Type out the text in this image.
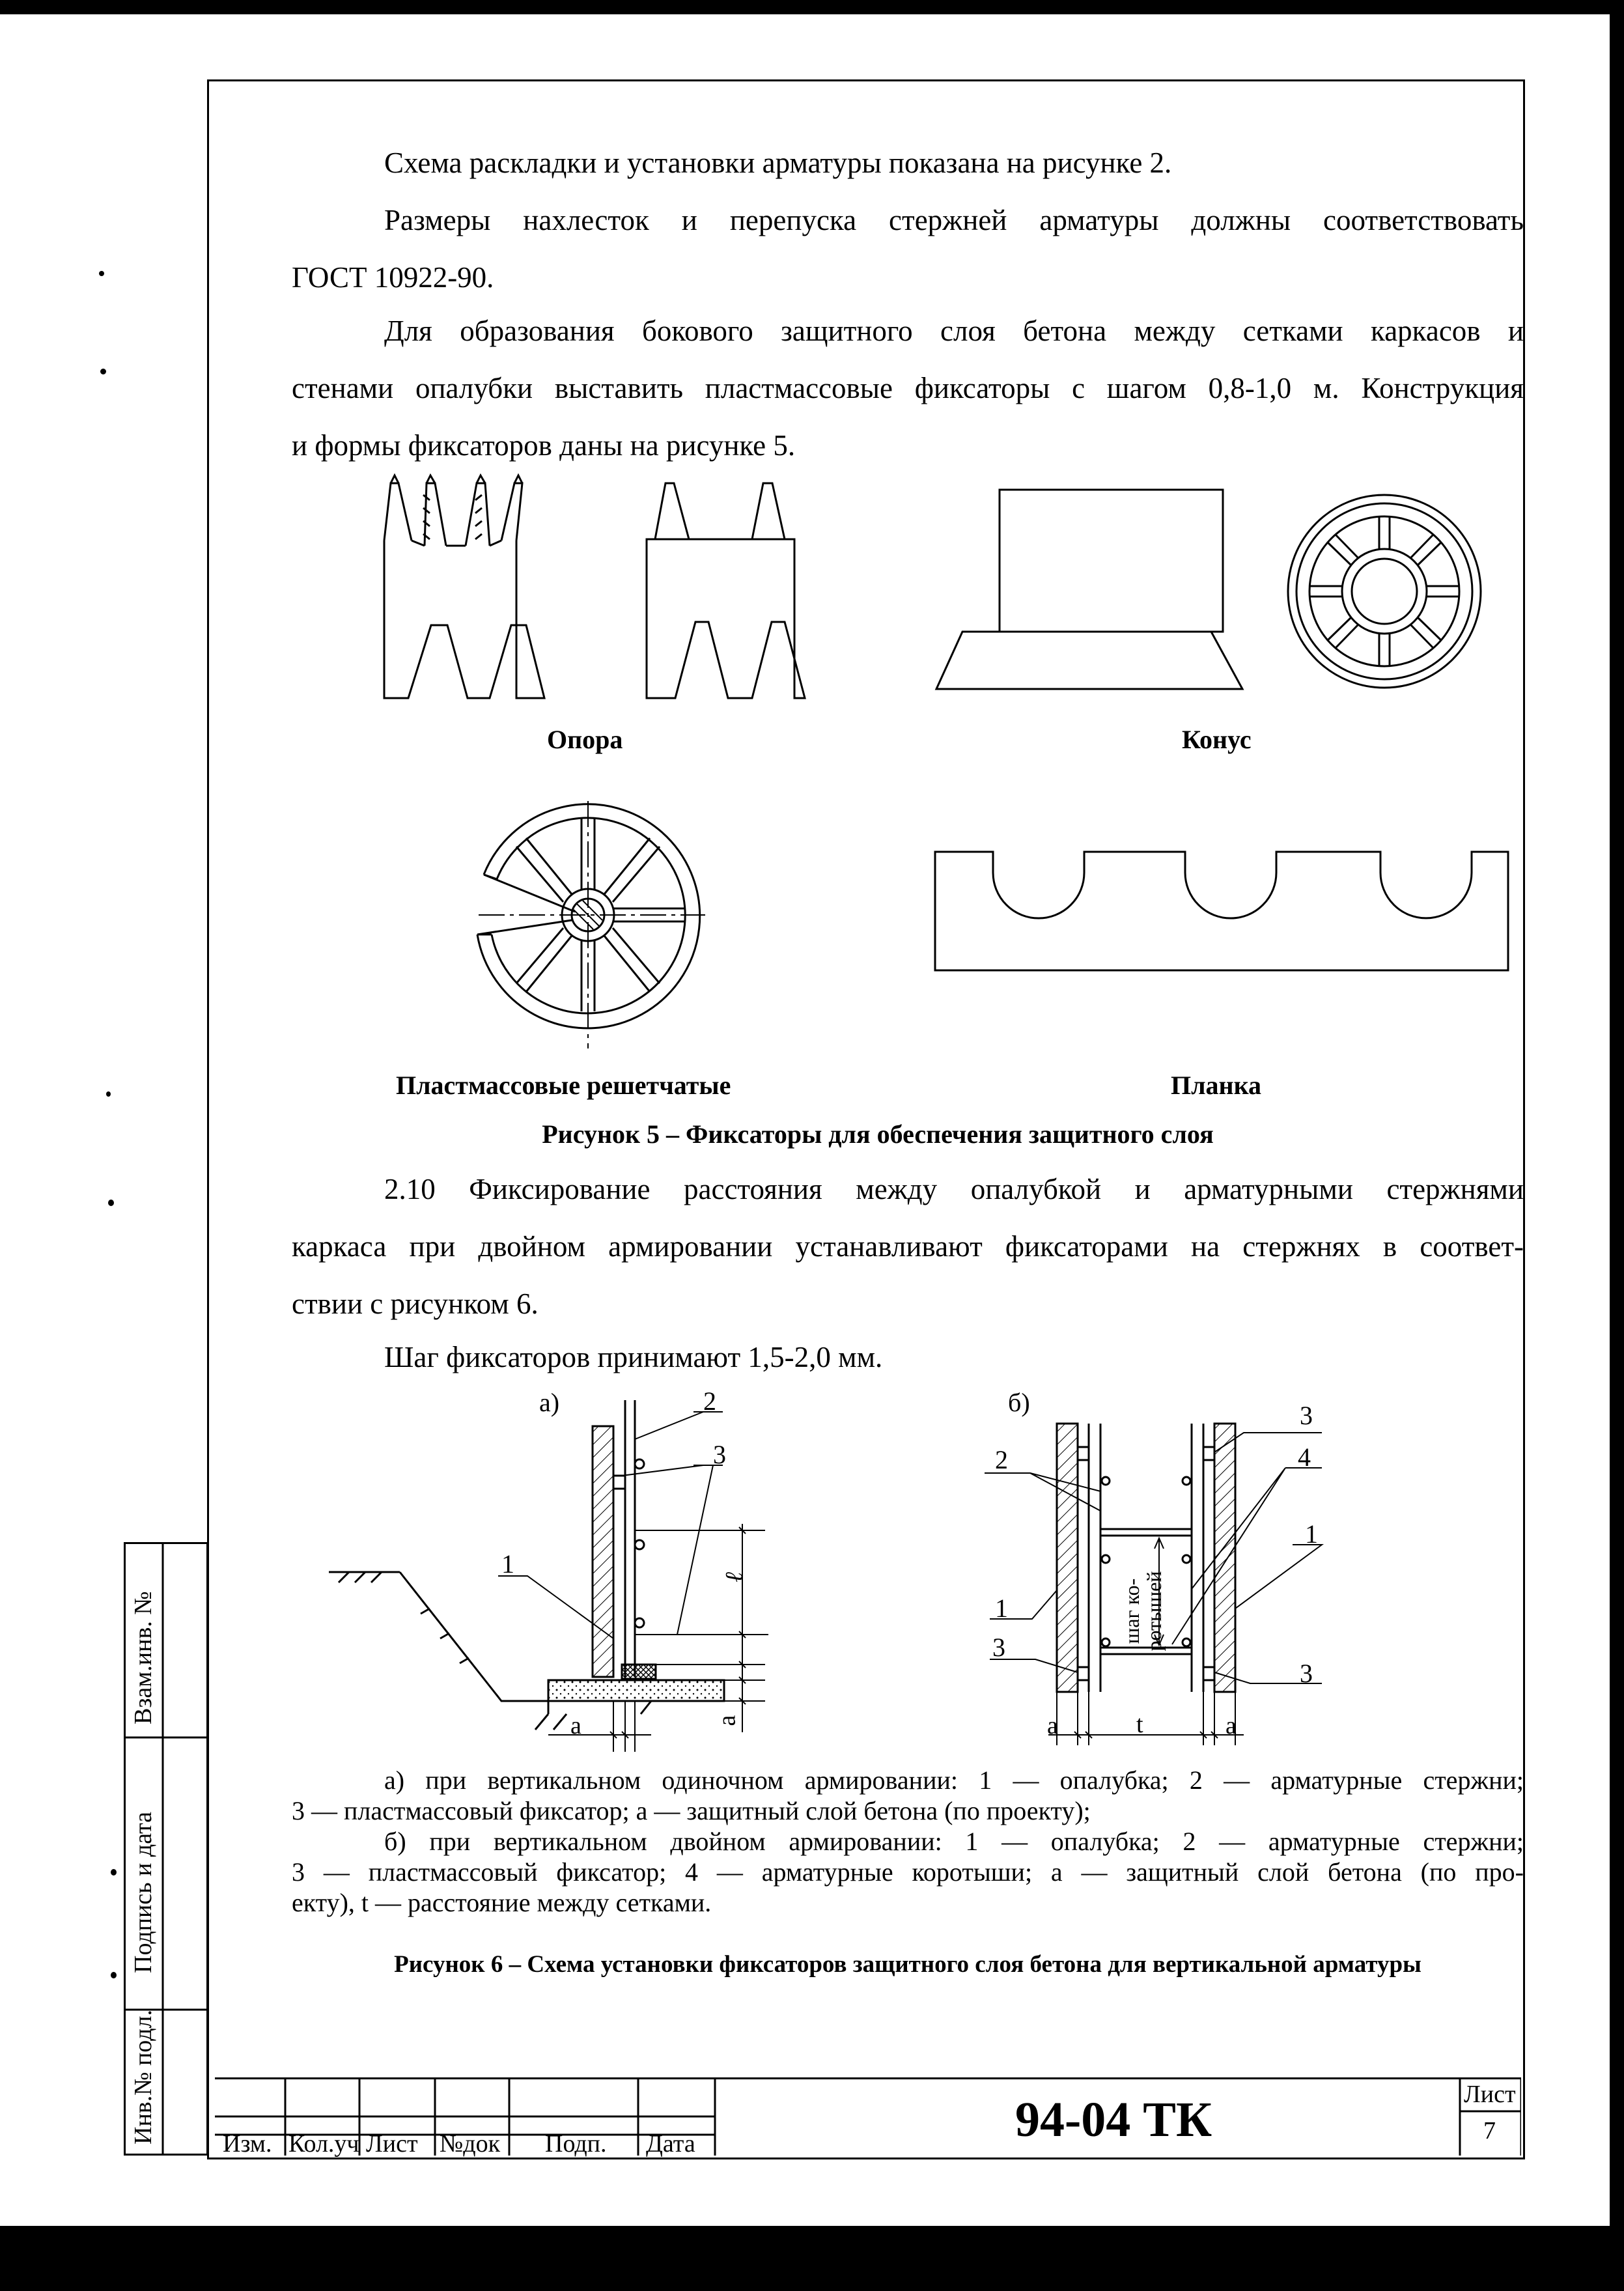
Схема раскладки и установки арматуры показана на рисунке 2.
Размеры нахлесток и перепуска стержней арматуры должны соответствовать
ГОСТ 10922-90.
Для образования бокового защитного слоя бетона между сетками каркасов и
стенами опалубки выставить пластмассовые фиксаторы с шагом 0,8-1,0 м. Конструкция
и формы фиксаторов даны на рисунке 5.
Опора	Конус
Пластмассовые решетчатые	Планка
Рисунок 5 – Фиксаторы для обеспечения защитного слоя
2.10 Фиксирование расстояния между опалубкой и арматурными стержнями
каркаса при двойном армировании устанавливают фиксаторами на стержнях в соответ-
ствии с рисунком 6.
Шаг фиксаторов принимают 1,5-2,0 мм.
а)	б)
2
3
1	ℓ
а
а
3
2	4
1
1
3
3
а	t	а
шаг ко-
ротышей
а) при вертикальном одиночном армировании: 1 — опалубка; 2 — арматурные стержни;
3 — пластмассовый фиксатор; а — защитный слой бетона (по проекту);
б) при вертикальном двойном армировании: 1 — опалубка; 2 — арматурные стержни;
3 — пластмассовый фиксатор; 4 — арматурные коротыши; а — защитный слой бетона (по про-
екту), t — расстояние между сетками.
Рисунок 6 – Схема установки фиксаторов защитного слоя бетона для вертикальной арматуры
Взам.инв. №
Подпись и дата
Инв.№ подл.	Изм. Кол.уч Лист №док Подп. Дата	94-04 ТК	Лист
7
